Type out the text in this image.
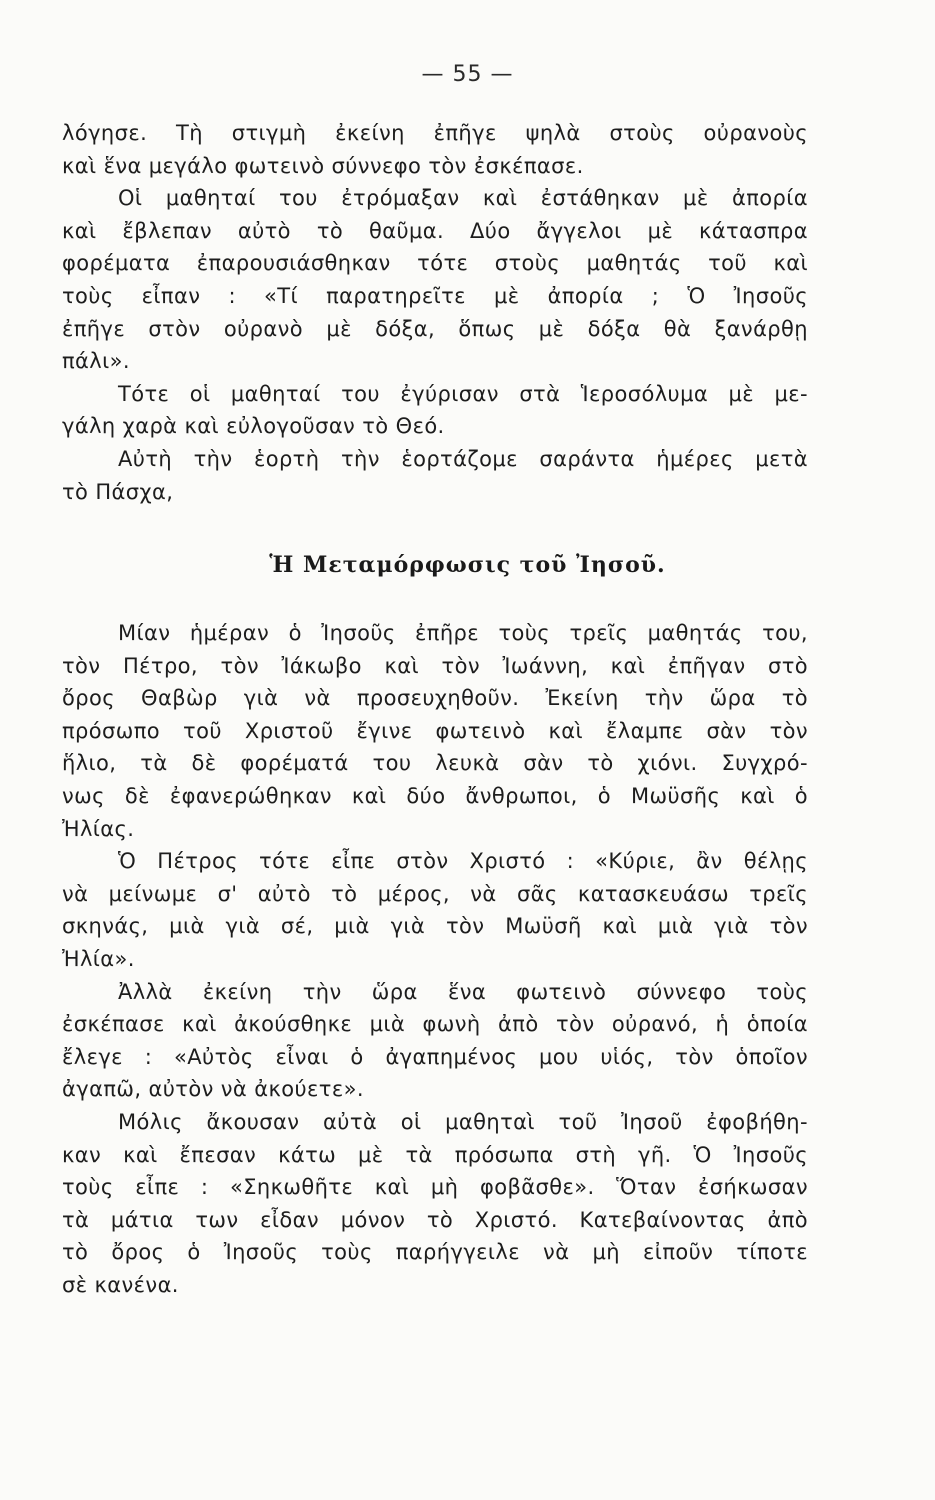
— 55 —
λόγησε. Τὴ στιγμὴ ἐκείνη ἐπῆγε ψηλὰ στοὺς οὐρανοὺς
καὶ ἕνα μεγάλο φωτεινὸ σύννεφο τὸν ἐσκέπασε.
Οἱ μαθηταί του ἐτρόμαξαν καὶ ἐστάθηκαν μὲ ἀπορία
καὶ ἔβλεπαν αὐτὸ τὸ θαῦμα. Δύο ἄγγελοι μὲ κάτασπρα
φορέματα ἐπαρουσιάσθηκαν τότε στοὺς μαθητάς τοῦ καὶ
τοὺς εἶπαν : «Τί παρατηρεῖτε μὲ ἀπορία ; Ὁ Ἰησοῦς
ἐπῆγε στὸν οὐρανὸ μὲ δόξα, ὅπως μὲ δόξα θὰ ξανάρθῃ
πάλι».
Τότε οἱ μαθηταί του ἐγύρισαν στὰ Ἱεροσόλυμα μὲ με-
γάλη χαρὰ καὶ εὐλογοῦσαν τὸ Θεό.
Αὐτὴ τὴν ἑορτὴ τὴν ἑορτάζομε σαράντα ἡμέρες μετὰ
τὸ Πάσχα,
Ἡ Μεταμόρφωσις τοῦ Ἰησοῦ.
Μίαν ἡμέραν ὁ Ἰησοῦς ἐπῆρε τοὺς τρεῖς μαθητάς του,
τὸν Πέτρο, τὸν Ἰάκωβο καὶ τὸν Ἰωάννη, καὶ ἐπῆγαν στὸ
ὄρος Θαβὼρ γιὰ νὰ προσευχηθοῦν. Ἐκείνη τὴν ὥρα τὸ
πρόσωπο τοῦ Χριστοῦ ἔγινε φωτεινὸ καὶ ἔλαμπε σὰν τὸν
ἥλιο, τὰ δὲ φορέματά του λευκὰ σὰν τὸ χιόνι. Συγχρό-
νως δὲ ἐφανερώθηκαν καὶ δύο ἄνθρωποι, ὁ Μωϋσῆς καὶ ὁ
Ἠλίας.
Ὁ Πέτρος τότε εἶπε στὸν Χριστό : «Κύριε, ἂν θέλῃς
νὰ μείνωμε σ' αὐτὸ τὸ μέρος, νὰ σᾶς κατασκευάσω τρεῖς
σκηνάς, μιὰ γιὰ σέ, μιὰ γιὰ τὸν Μωϋσῆ καὶ μιὰ γιὰ τὸν
Ἠλία».
Ἀλλὰ ἐκείνη τὴν ὥρα ἕνα φωτεινὸ σύννεφο τοὺς
ἐσκέπασε καὶ ἀκούσθηκε μιὰ φωνὴ ἀπὸ τὸν οὐρανό, ἡ ὁποία
ἔλεγε : «Αὐτὸς εἶναι ὁ ἀγαπημένος μου υἱός, τὸν ὁποῖον
ἀγαπῶ, αὐτὸν νὰ ἀκούετε».
Μόλις ἄκουσαν αὐτὰ οἱ μαθηταὶ τοῦ Ἰησοῦ ἐφοβήθη-
καν καὶ ἔπεσαν κάτω μὲ τὰ πρόσωπα στὴ γῆ. Ὁ Ἰησοῦς
τοὺς εἶπε : «Σηκωθῆτε καὶ μὴ φοβᾶσθε». Ὅταν ἐσήκωσαν
τὰ μάτια των εἶδαν μόνον τὸ Χριστό. Κατεβαίνοντας ἀπὸ
τὸ ὄρος ὁ Ἰησοῦς τοὺς παρήγγειλε νὰ μὴ εἰποῦν τίποτε
σὲ κανένα.
